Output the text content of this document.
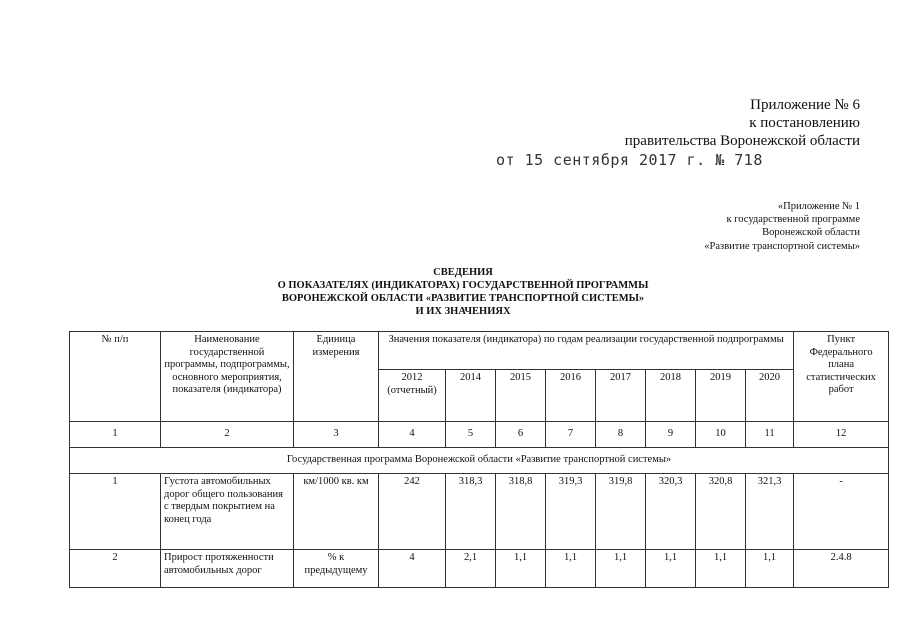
Приложение № 6
к постановлению
правительства Воронежской области
от 15 сентября 2017 г. № 718
«Приложение № 1
к государственной программе
Воронежской области
«Развитие транспортной системы»
СВЕДЕНИЯ
О ПОКАЗАТЕЛЯХ (ИНДИКАТОРАХ) ГОСУДАРСТВЕННОЙ ПРОГРАММЫ
ВОРОНЕЖСКОЙ ОБЛАСТИ «РАЗВИТИЕ ТРАНСПОРТНОЙ СИСТЕМЫ»
И ИХ ЗНАЧЕНИЯХ
№ п/п	Наименование государственной программы, подпрограммы, основного мероприятия, показателя (индикатора)	Единица измерения	Значения показателя (индикатора) по годам реализации государственной подпрограммы								Пункт Федерального плана статистических работ
			2012 (отчетный)	2014	2015	2016	2017	2018	2019	2020	
1	2	3	4	5	6	7	8	9	10	11	12
Государственная программа Воронежской области «Развитие транспортной системы»											
1	Густота автомобильных дорог общего пользования с твердым покрытием на конец года	км/1000 кв. км	242	318,3	318,8	319,3	319,8	320,3	320,8	321,3	-
2	Прирост протяженности автомобильных дорог	% к предыдущему	4	2,1	1,1	1,1	1,1	1,1	1,1	1,1	2.4.8
